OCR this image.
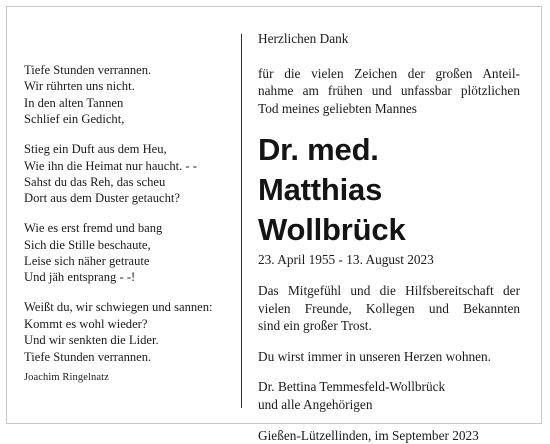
Tiefe Stunden verrannen.
Wir rührten uns nicht.
In den alten Tannen
Schlief ein Gedicht,
Stieg ein Duft aus dem Heu,
Wie ihn die Heimat nur haucht. - -
Sahst du das Reh, das scheu
Dort aus dem Duster getaucht?
Wie es erst fremd und bang
Sich die Stille beschaute,
Leise sich näher getraute
Und jäh entsprang - -!
Weißt du, wir schwiegen und sannen:
Kommt es wohl wieder?
Und wir senkten die Lider.
Tiefe Stunden verrannen.
Joachim Ringelnatz
Herzlichen Dank
für die vielen Zeichen der großen Anteil-
nahme am frühen und unfassbar plötzlichen
Tod meines geliebten Mannes
Dr. med.
Matthias Wollbrück
23. April 1955 - 13. August 2023
Das Mitgefühl und die Hilfsbereitschaft der
vielen Freunde, Kollegen und Bekannten
sind ein großer Trost.
Du wirst immer in unseren Herzen wohnen.
Dr. Bettina Temmesfeld-Wollbrück
und alle Angehörigen
Gießen-Lützellinden, im September 2023
